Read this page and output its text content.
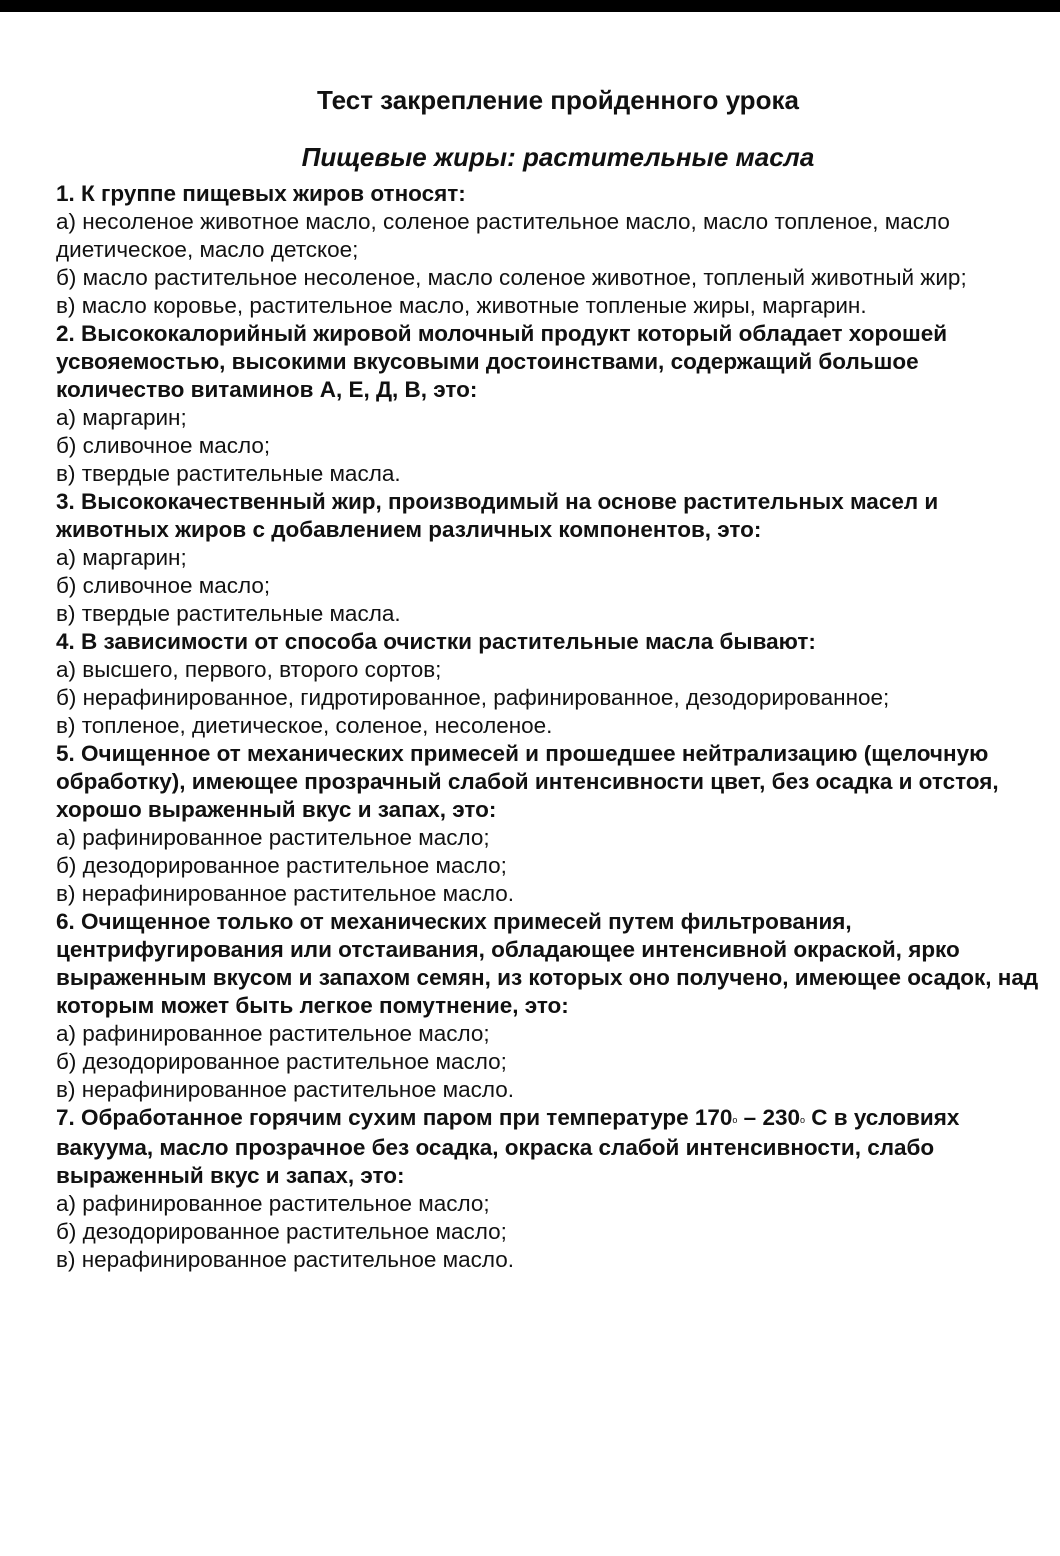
Тест закрепление пройденного урока
Пищевые жиры: растительные масла

1. К группе пищевых жиров относят:

а) несоленое животное масло, соленое растительное масло, масло топленое, масло диетическое, масло детское;

б) масло растительное несоленое, масло соленое животное, топленый животный жир;

в) масло коровье, растительное масло, животные топленые жиры, маргарин.

2. Высококалорийный жировой молочный продукт который обладает хорошей усвояемостью, высокими вкусовыми достоинствами, содержащий большое количество витаминов А, Е, Д, В, это:

а) маргарин;

б) сливочное масло;

в) твердые растительные масла.

3. Высококачественный жир, производимый на основе растительных масел и животных жиров с добавлением различных компонентов, это:

а) маргарин;

б) сливочное масло;

в) твердые растительные масла.

4. В зависимости от способа очистки растительные масла бывают:

а) высшего, первого, второго сортов;

б) нерафинированное, гидротированное, рафинированное, дезодорированное;

в) топленое, диетическое, соленое, несоленое.

5. Очищенное от механических примесей и прошедшее нейтрализацию (щелочную обработку), имеющее прозрачный слабой интенсивности цвет, без осадка и отстоя, хорошо выраженный вкус и запах, это:

а) рафинированное растительное масло;

б) дезодорированное растительное масло;

в) нерафинированное растительное масло.

6. Очищенное только от механических примесей путем фильтрования, центрифугирования или отстаивания, обладающее интенсивной окраской, ярко выраженным вкусом и запахом семян, из которых оно получено, имеющее осадок, над которым может быть легкое помутнение, это:

а) рафинированное растительное масло;

б) дезодорированное растительное масло;

в) нерафинированное растительное масло.

7. Обработанное горячим сухим паром при температуре $170^о - 230^о$ С в условиях вакуума, масло прозрачное без осадка, окраска слабой интенсивности, слабо выраженный вкус и запах, это:

а) рафинированное растительное масло;

б) дезодорированное растительное масло;

в) нерафинированное растительное масло.
